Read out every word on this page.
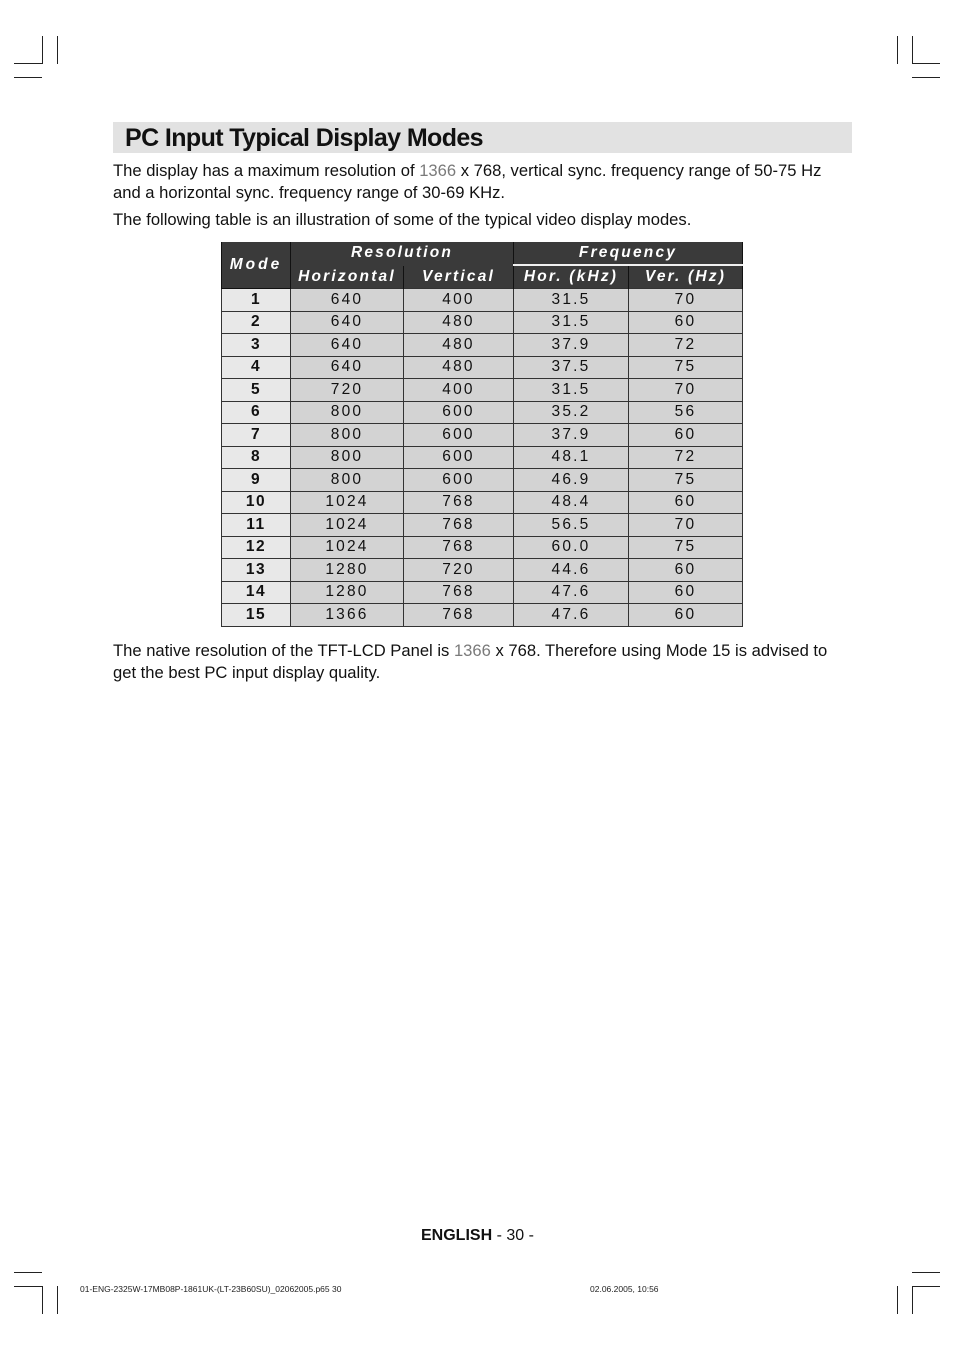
PC Input Typical Display Modes

The display has a maximum resolution of 1366 x 768, vertical sync. frequency range of 50-75 Hz and a horizontal sync. frequency range of 30-69 KHz.

The following table is an illustration of some of the typical video display modes.

Mode	Resolution		Frequency	
	Horizontal	Vertical	Hor. (kHz)	Ver. (Hz)
1	640	400	31.5	70
2	640	480	31.5	60
3	640	480	37.9	72
4	640	480	37.5	75
5	720	400	31.5	70
6	800	600	35.2	56
7	800	600	37.9	60
8	800	600	48.1	72
9	800	600	46.9	75
10	1024	768	48.4	60
11	1024	768	56.5	70
12	1024	768	60.0	75
13	1280	720	44.6	60
14	1280	768	47.6	60
15	1366	768	47.6	60

The native resolution of the TFT-LCD Panel is 1366 x 768. Therefore using Mode 15 is advised to get the best PC input display quality.

ENGLISH - 30 -
01-ENG-2325W-17MB08P-1861UK-(LT-23B60SU)_02062005.p65 30	02.06.2005, 10:56
